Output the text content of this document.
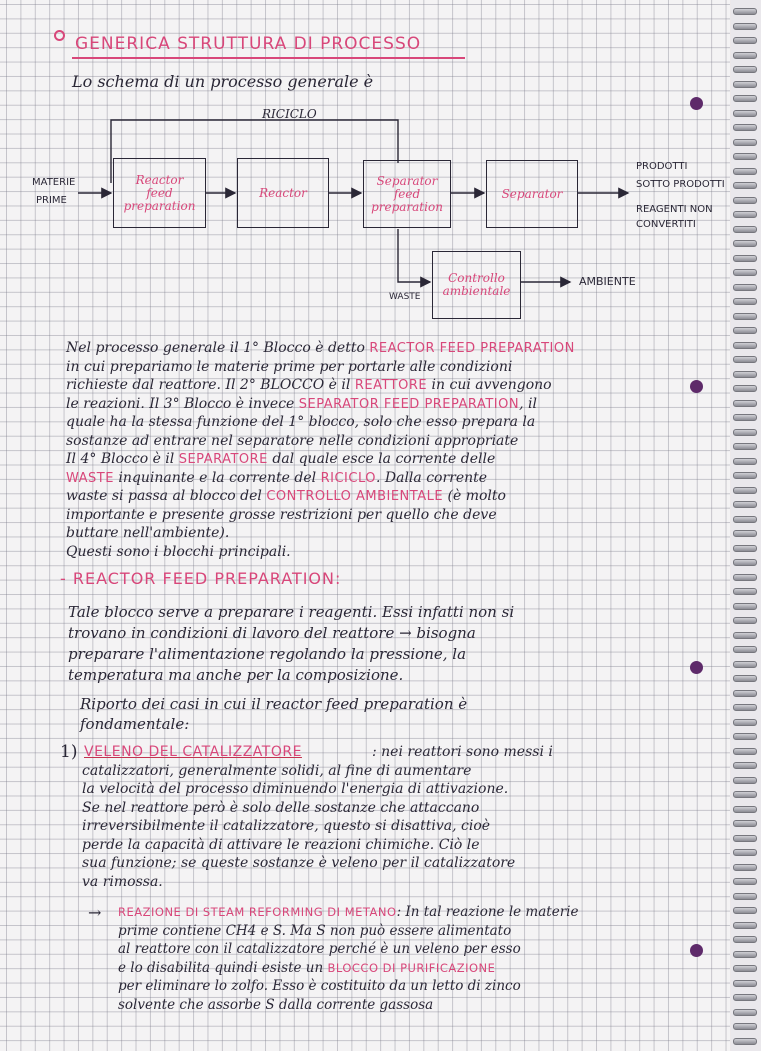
GENERICA STRUTTURA DI PROCESSO
Lo schema di un processo generale è
RICICLO
MATERIE
PRIME
Reactor
feed
preparation
Reactor
Separator
feed
preparation
Separator
Controllo
ambientale
PRODOTTI
SOTTO PRODOTTI
REAGENTI NON
CONVERTITI
WASTE
AMBIENTE
Nel processo generale il 1° Blocco è detto REACTOR FEED PREPARATION
in cui prepariamo le materie prime per portarle alle condizioni
richieste dal reattore. Il 2° BLOCCO è il REATTORE in cui avvengono
le reazioni. Il 3° Blocco è invece SEPARATOR FEED PREPARATION, il
quale ha la stessa funzione del 1° blocco, solo che esso prepara la
sostanze ad entrare nel separatore nelle condizioni appropriate
Il 4° Blocco è il SEPARATORE dal quale esce la corrente delle
WASTE inquinante e la corrente del RICICLO. Dalla corrente
waste si passa al blocco del CONTROLLO AMBIENTALE (è molto
importante e presente grosse restrizioni per quello che deve
buttare nell'ambiente).
Questi sono i blocchi principali.
- REACTOR FEED PREPARATION:
Tale blocco serve a preparare i reagenti. Essi infatti non si
trovano in condizioni di lavoro del reattore → bisogna
preparare l'alimentazione regolando la pressione, la
temperatura ma anche per la composizione.
Riporto dei casi in cui il reactor feed preparation è
fondamentale:
1) VELENO DEL CATALIZZATORE	: nei reattori sono messi i
catalizzatori, generalmente solidi, al fine di aumentare
la velocità del processo diminuendo l'energia di attivazione.
Se nel reattore però è solo delle sostanze che attaccano
irreversibilmente il catalizzatore, questo si disattiva, cioè
perde la capacità di attivare le reazioni chimiche. Ciò le
sua funzione; se queste sostanze è veleno per il catalizzatore
va rimossa.
→ REAZIONE DI STEAM REFORMING DI METANO: In tal reazione le materie
prime contiene CH4 e S. Ma S non può essere alimentato
al reattore con il catalizzatore perché è un veleno per esso
e lo disabilita quindi esiste un BLOCCO DI PURIFICAZIONE
per eliminare lo zolfo. Esso è costituito da un letto di zinco
solvente che assorbe S dalla corrente gassosa
